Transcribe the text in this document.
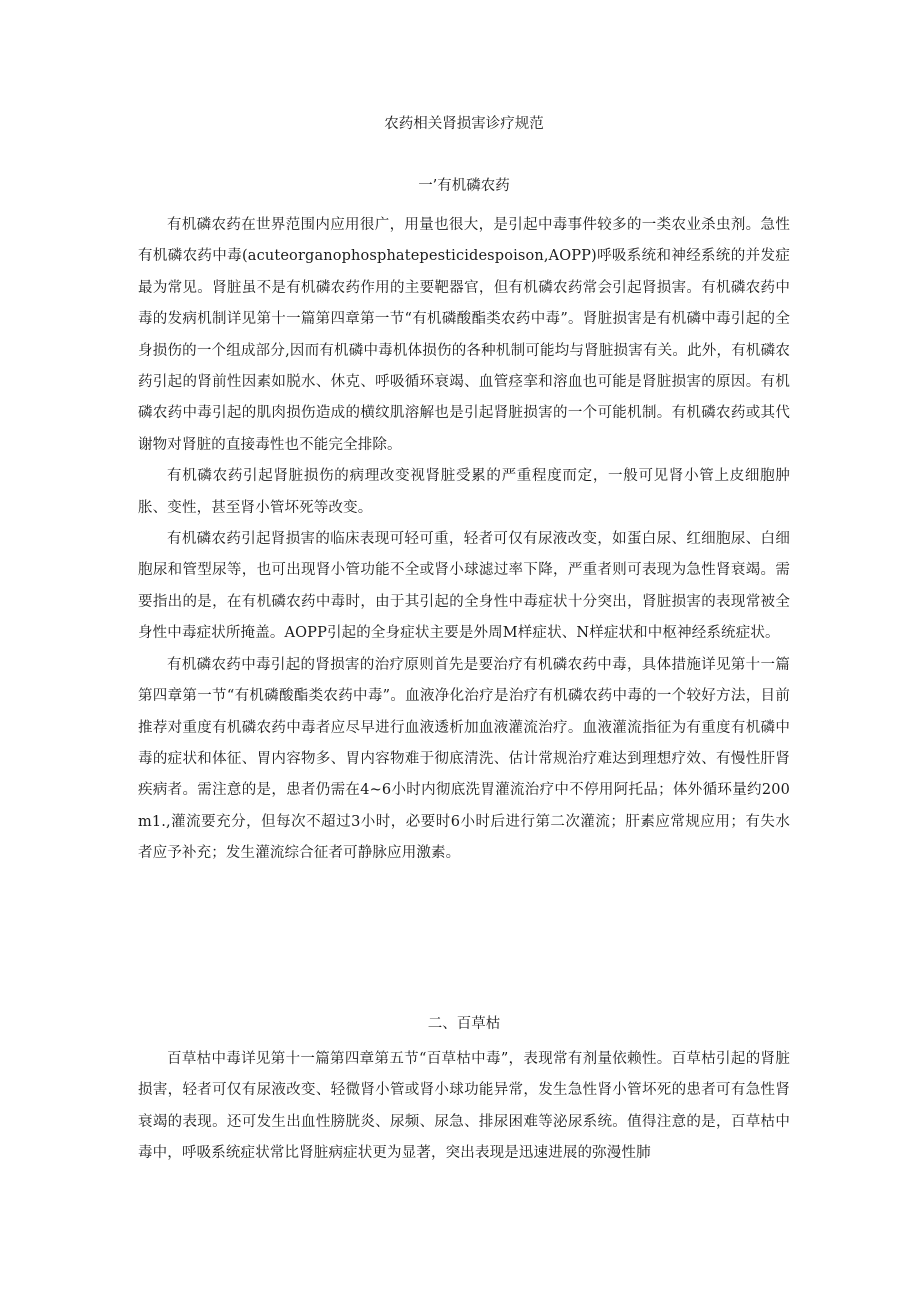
农药相关肾损害诊疗规范
一’有机磷农药

有机磷农药在世界范围内应用很广，用量也很大，是引起中毒事件较多的一类农业杀虫剂。急性有机磷农药中毒(acuteorganophosphatepesticidespoison,AOPP)呼吸系统和神经系统的并发症最为常见。肾脏虽不是有机磷农药作用的主要靶器官，但有机磷农药常会引起肾损害。有机磷农药中毒的发病机制详见第十一篇第四章第一节“有机磷酸酯类农药中毒”。肾脏损害是有机磷中毒引起的全身损伤的一个组成部分,因而有机磷中毒机体损伤的各种机制可能均与肾脏损害有关。此外，有机磷农药引起的肾前性因素如脱水、休克、呼吸循环衰竭、血管痉挛和溶血也可能是肾脏损害的原因。有机磷农药中毒引起的肌肉损伤造成的横纹肌溶解也是引起肾脏损害的一个可能机制。有机磷农药或其代谢物对肾脏的直接毒性也不能完全排除。

有机磷农药引起肾脏损伤的病理改变视肾脏受累的严重程度而定，一般可见肾小管上皮细胞肿胀、变性，甚至肾小管坏死等改变。

有机磷农药引起肾损害的临床表现可轻可重，轻者可仅有尿液改变，如蛋白尿、红细胞尿、白细胞尿和管型尿等，也可出现肾小管功能不全或肾小球滤过率下降，严重者则可表现为急性肾衰竭。需要指出的是，在有机磷农药中毒时，由于其引起的全身性中毒症状十分突出，肾脏损害的表现常被全身性中毒症状所掩盖。AOPP引起的全身症状主要是外周M样症状、N样症状和中枢神经系统症状。

有机磷农药中毒引起的肾损害的治疗原则首先是要治疗有机磷农药中毒，具体措施详见第十一篇第四章第一节“有机磷酸酯类农药中毒”。血液净化治疗是治疗有机磷农药中毒的一个较好方法，目前推荐对重度有机磷农药中毒者应尽早进行血液透析加血液灌流治疗。血液灌流指征为有重度有机磷中毒的症状和体征、胃内容物多、胃内容物难于彻底清洗、估计常规治疗难达到理想疗效、有慢性肝肾疾病者。需注意的是，患者仍需在4~6小时内彻底洗胃灌流治疗中不停用阿托品；体外循环量约200m1.,灌流要充分，但每次不超过3小时，必要时6小时后进行第二次灌流；肝素应常规应用；有失水者应予补充；发生灌流综合征者可静脉应用激素。

二、百草枯

百草枯中毒详见第十一篇第四章第五节“百草枯中毒”，表现常有剂量依赖性。百草枯引起的肾脏损害，轻者可仅有尿液改变、轻微肾小管或肾小球功能异常，发生急性肾小管坏死的患者可有急性肾衰竭的表现。还可发生出血性膀胱炎、尿频、尿急、排尿困难等泌尿系统。值得注意的是，百草枯中毒中，呼吸系统症状常比肾脏病症状更为显著，突出表现是迅速进展的弥漫性肺
